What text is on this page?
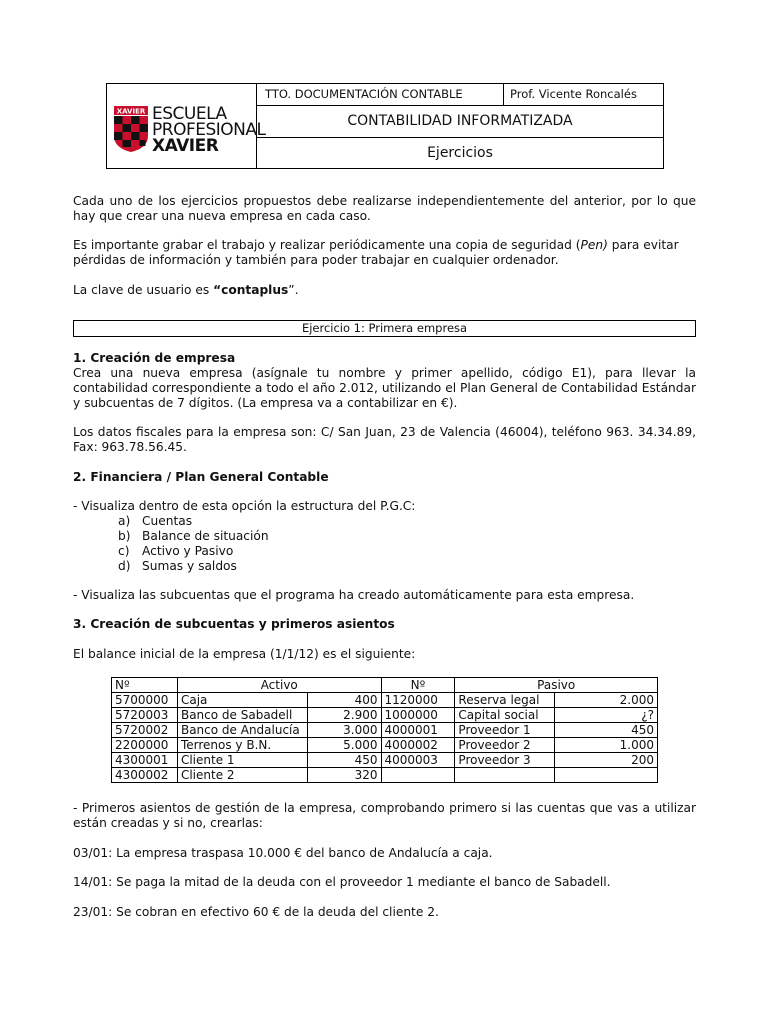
XAVIER ESCUELA
PROFESIONAL
XAVIER
TTO. DOCUMENTACIÓN CONTABLE	Prof. Vicente Roncalés
CONTABILIDAD INFORMATIZADA
Ejercicios

Cada uno de los ejercicios propuestos debe realizarse independientemente del anterior, por lo que hay que crear una nueva empresa en cada caso.

Es importante grabar el trabajo y realizar periódicamente una copia de seguridad (Pen) para evitar pérdidas de información y también para poder trabajar en cualquier ordenador.

La clave de usuario es “contaplus”.

Ejercicio 1: Primera empresa

1. Creación de empresa

Crea una nueva empresa (asígnale tu nombre y primer apellido, código E1), para llevar la contabilidad correspondiente a todo el año 2.012, utilizando el Plan General de Contabilidad Estándar y subcuentas de 7 dígitos. (La empresa va a contabilizar en €).

Los datos fiscales para la empresa son: C/ San Juan, 23 de Valencia (46004), teléfono 963. 34.34.89, Fax: 963.78.56.45.

2. Financiera / Plan General Contable

- Visualiza dentro de esta opción la estructura del P.G.C:

a) Cuentas
b) Balance de situación
c) Activo y Pasivo
d) Sumas y saldos

- Visualiza las subcuentas que el programa ha creado automáticamente para esta empresa.

3. Creación de subcuentas y primeros asientos

El balance inicial de la empresa (1/1/12) es el siguiente:

Nº	Activo		Nº	Pasivo	
5700000	Caja	400	1120000	Reserva legal	2.000
5720003	Banco de Sabadell	2.900	1000000	Capital social	¿?
5720002	Banco de Andalucía	3.000	4000001	Proveedor 1	450
2200000	Terrenos y B.N.	5.000	4000002	Proveedor 2	1.000
4300001	Cliente 1	450	4000003	Proveedor 3	200
4300002	Cliente 2	320			

- Primeros asientos de gestión de la empresa, comprobando primero si las cuentas que vas a utilizar están creadas y si no, crearlas:

03/01: La empresa traspasa 10.000 € del banco de Andalucía a caja.

14/01: Se paga la mitad de la deuda con el proveedor 1 mediante el banco de Sabadell.

23/01: Se cobran en efectivo 60 € de la deuda del cliente 2.
